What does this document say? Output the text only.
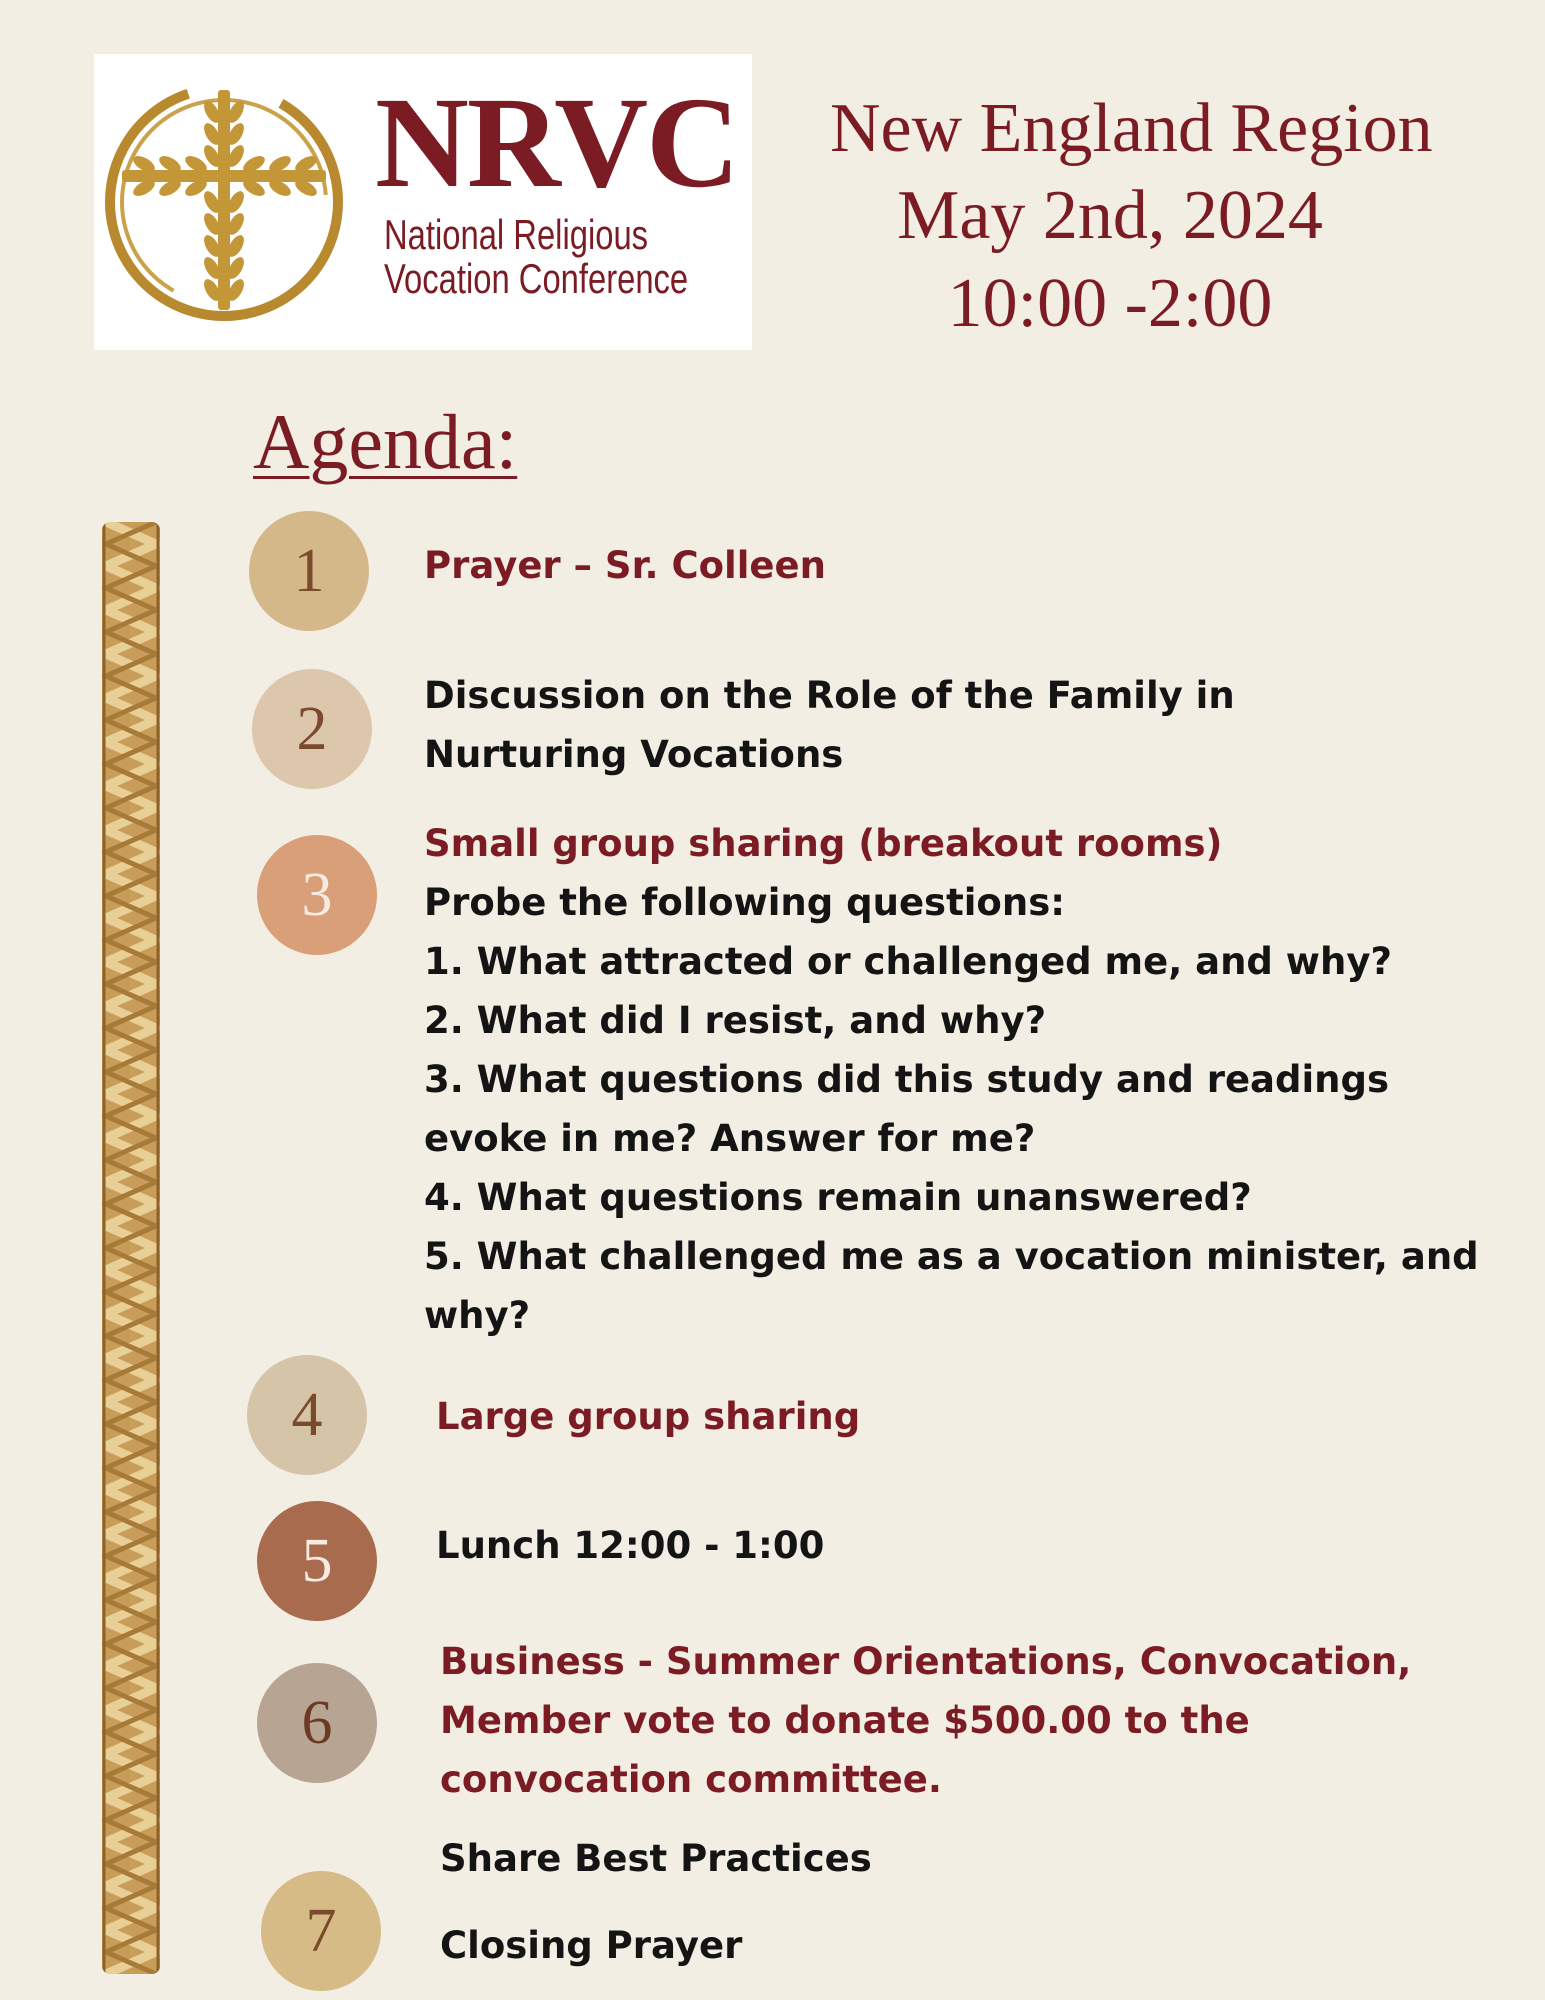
NRVC
National Religious
Vocation Conference
New England Region
May 2nd, 2024
10:00 -2:00
Agenda:
1
2
3
4
5
6
7
Prayer – Sr. Colleen
Discussion on the Role of the Family in
Nurturing Vocations
Small group sharing (breakout rooms)
Probe the following questions:
1. What attracted or challenged me, and why?
2. What did I resist, and why?
3. What questions did this study and readings
evoke in me? Answer for me?
4. What questions remain unanswered?
5. What challenged me as a vocation minister, and
why?
Large group sharing
Lunch 12:00 - 1:00
Business - Summer Orientations, Convocation,
Member vote to donate $500.00 to the
convocation committee.
Share Best Practices
Closing Prayer
